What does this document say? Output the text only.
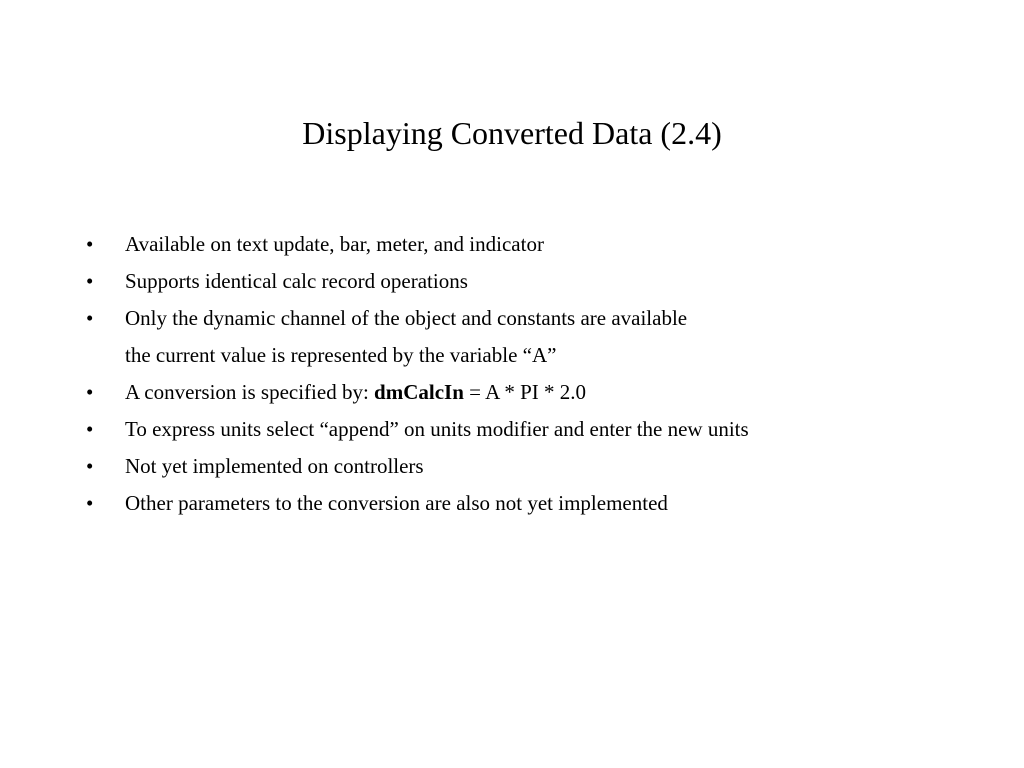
Displaying Converted Data (2.4)
•	Available on text update, bar, meter, and indicator
•	Supports identical calc record operations
•	Only the dynamic channel of the object and constants are available
the current value is represented by the variable “A”
•	A conversion is specified by: dmCalcIn = A * PI * 2.0
•	To express units select “append” on units modifier and enter the new units
•	Not yet implemented on controllers
•	Other parameters to the conversion are also not yet implemented
